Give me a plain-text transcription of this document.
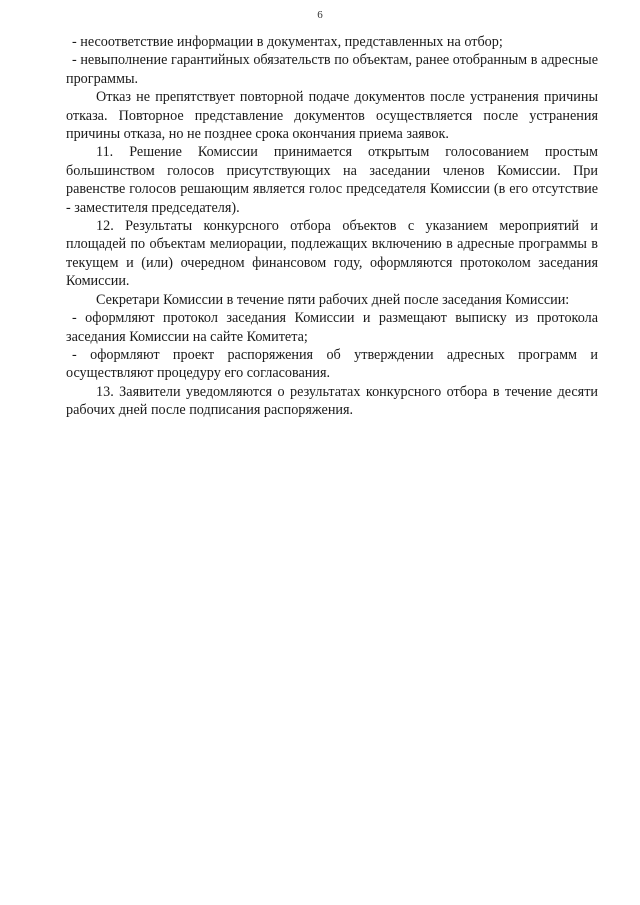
6

- несоответствие информации в документах, представленных на отбор;

- невыполнение гарантийных обязательств по объектам, ранее отобранным в адресные программы.

Отказ не препятствует повторной подаче документов после устранения причины отказа. Повторное представление документов осуществляется после устранения причины отказа, но не позднее срока окончания приема заявок.

11. Решение Комиссии принимается открытым голосованием простым большинством голосов присутствующих на заседании членов Комиссии. При равенстве голосов решающим является голос председателя Комиссии (в его отсутствие - заместителя председателя).

12. Результаты конкурсного отбора объектов с указанием мероприятий и площадей по объектам мелиорации, подлежащих включению в адресные программы в текущем и (или) очередном финансовом году, оформляются протоколом заседания Комиссии.

Секретари Комиссии в течение пяти рабочих дней после заседания Комиссии:

- оформляют протокол заседания Комиссии и размещают выписку из протокола заседания Комиссии на сайте Комитета;

- оформляют проект распоряжения об утверждении адресных программ и осуществляют процедуру его согласования.

13. Заявители уведомляются о результатах конкурсного отбора в течение десяти рабочих дней после подписания распоряжения.
